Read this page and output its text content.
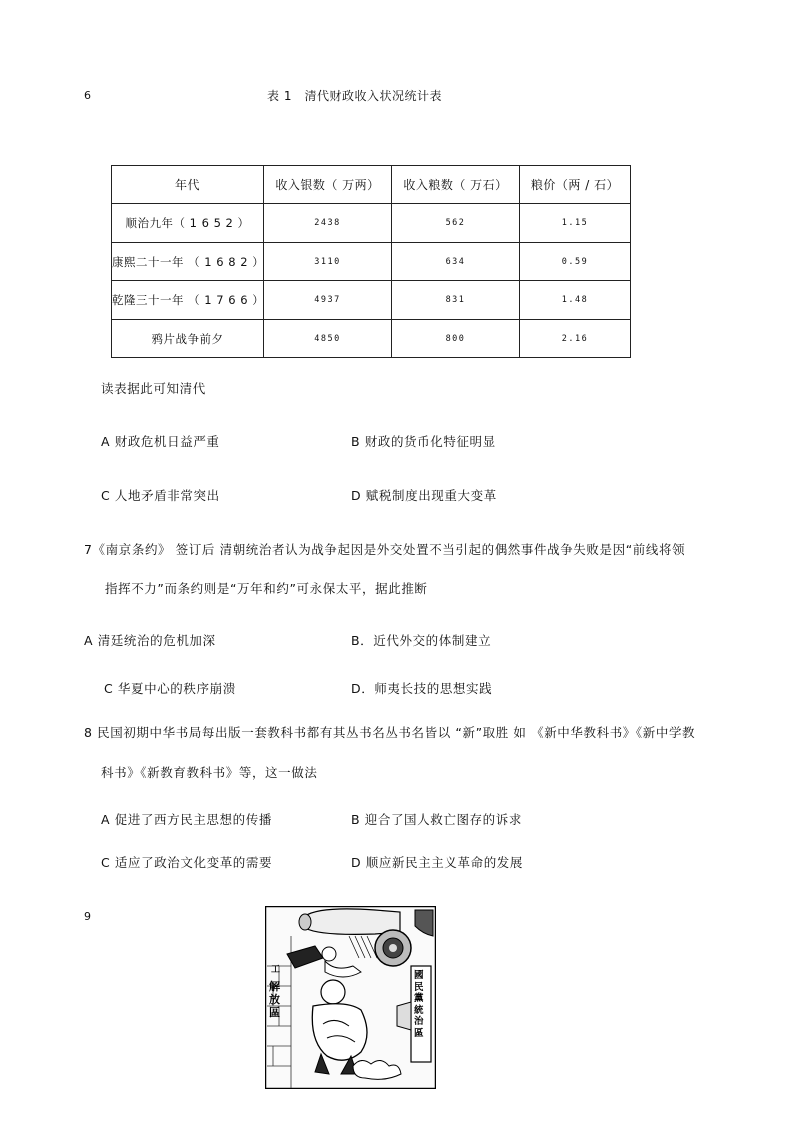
6	表 1　清代财政收入状况统计表
年代	收入银数（ 万两）	收入粮数（ 万石）	粮价（两 / 石）
顺治九年（ 1 6 5 2 ）	2438	562	1.15
康熙二十一年 （ 1 6 8 2 ）	3110	634	0.59
乾隆三十一年 （ 1 7 6 6 ）	4937	831	1.48
鸦片战争前夕	4850	800	2.16
读表据此可知清代
A 财政危机日益严重	B 财政的货币化特征明显
C 人地矛盾非常突出	D 赋税制度出现重大变革
7《南京条约》 签订后 清朝统治者认为战争起因是外交处置不当引起的偶然事件战争失败是因“前线将领
指挥不力”而条约则是“万年和约”可永保太平，据此推断
A 清廷统治的危机加深	B．近代外交的体制建立
C 华夏中心的秩序崩溃	D．师夷长技的思想实践
8 民国初期中华书局每出版一套教科书都有其丛书名丛书名皆以 “新”取胜 如 《新中华教科书》《新中学教
科书》《新教育教科书》等，这一做法
A 促进了西方民主思想的传播	B 迎合了国人救亡图存的诉求
C 适应了政治文化变革的需要	D 顺应新民主主义革命的发展
9
解放區
國民黨統治區
工
